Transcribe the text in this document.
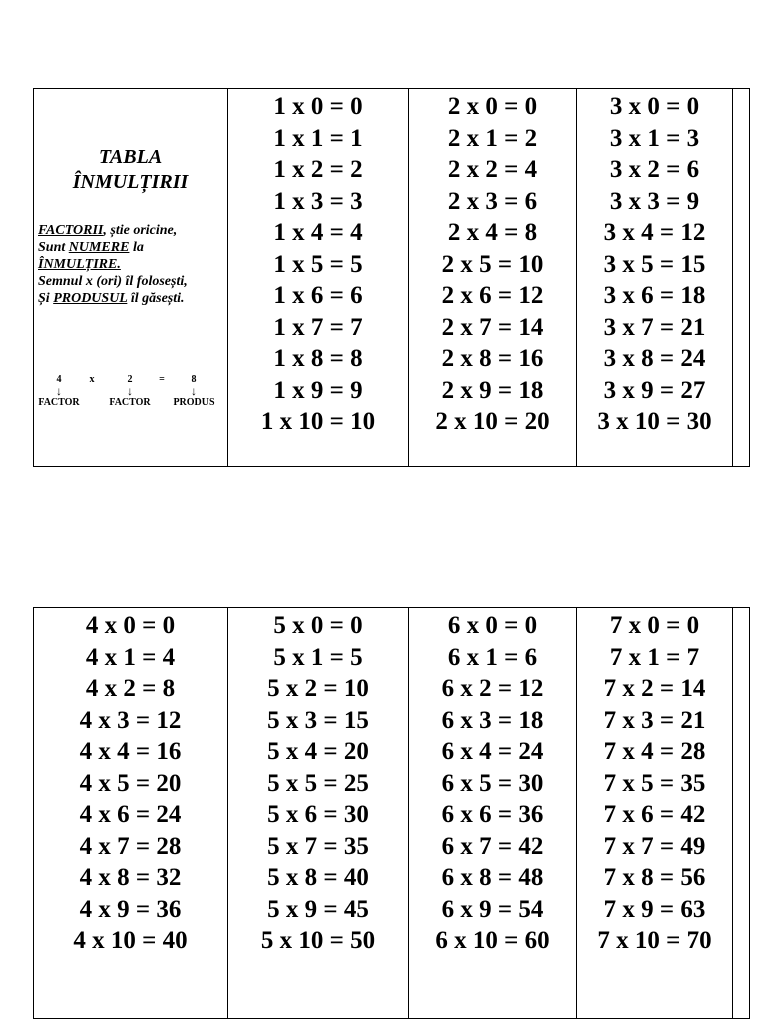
TABLA
ÎNMULȚIRII
FACTORII, știe oricine,
Sunt NUMERE la
ÎNMULȚIRE.
Semnul x (ori) îl folosești,
Și PRODUSUL îl găsești.
4
↓
FACTOR
x	2
↓
FACTOR
=	8
↓
PRODUS
1 x 0 = 0
1 x 1 = 1
1 x 2 = 2
1 x 3 = 3
1 x 4 = 4
1 x 5 = 5
1 x 6 = 6
1 x 7 = 7
1 x 8 = 8
1 x 9 = 9
1 x 10 = 10
2 x 0 = 0
2 x 1 = 2
2 x 2 = 4
2 x 3 = 6
2 x 4 = 8
2 x 5 = 10
2 x 6 = 12
2 x 7 = 14
2 x 8 = 16
2 x 9 = 18
2 x 10 = 20
3 x 0 = 0
3 x 1 = 3
3 x 2 = 6
3 x 3 = 9
3 x 4 = 12
3 x 5 = 15
3 x 6 = 18
3 x 7 = 21
3 x 8 = 24
3 x 9 = 27
3 x 10 = 30
4 x 0 = 0
4 x 1 = 4
4 x 2 = 8
4 x 3 = 12
4 x 4 = 16
4 x 5 = 20
4 x 6 = 24
4 x 7 = 28
4 x 8 = 32
4 x 9 = 36
4 x 10 = 40
5 x 0 = 0
5 x 1 = 5
5 x 2 = 10
5 x 3 = 15
5 x 4 = 20
5 x 5 = 25
5 x 6 = 30
5 x 7 = 35
5 x 8 = 40
5 x 9 = 45
5 x 10 = 50
6 x 0 = 0
6 x 1 = 6
6 x 2 = 12
6 x 3 = 18
6 x 4 = 24
6 x 5 = 30
6 x 6 = 36
6 x 7 = 42
6 x 8 = 48
6 x 9 = 54
6 x 10 = 60
7 x 0 = 0
7 x 1 = 7
7 x 2 = 14
7 x 3 = 21
7 x 4 = 28
7 x 5 = 35
7 x 6 = 42
7 x 7 = 49
7 x 8 = 56
7 x 9 = 63
7 x 10 = 70
